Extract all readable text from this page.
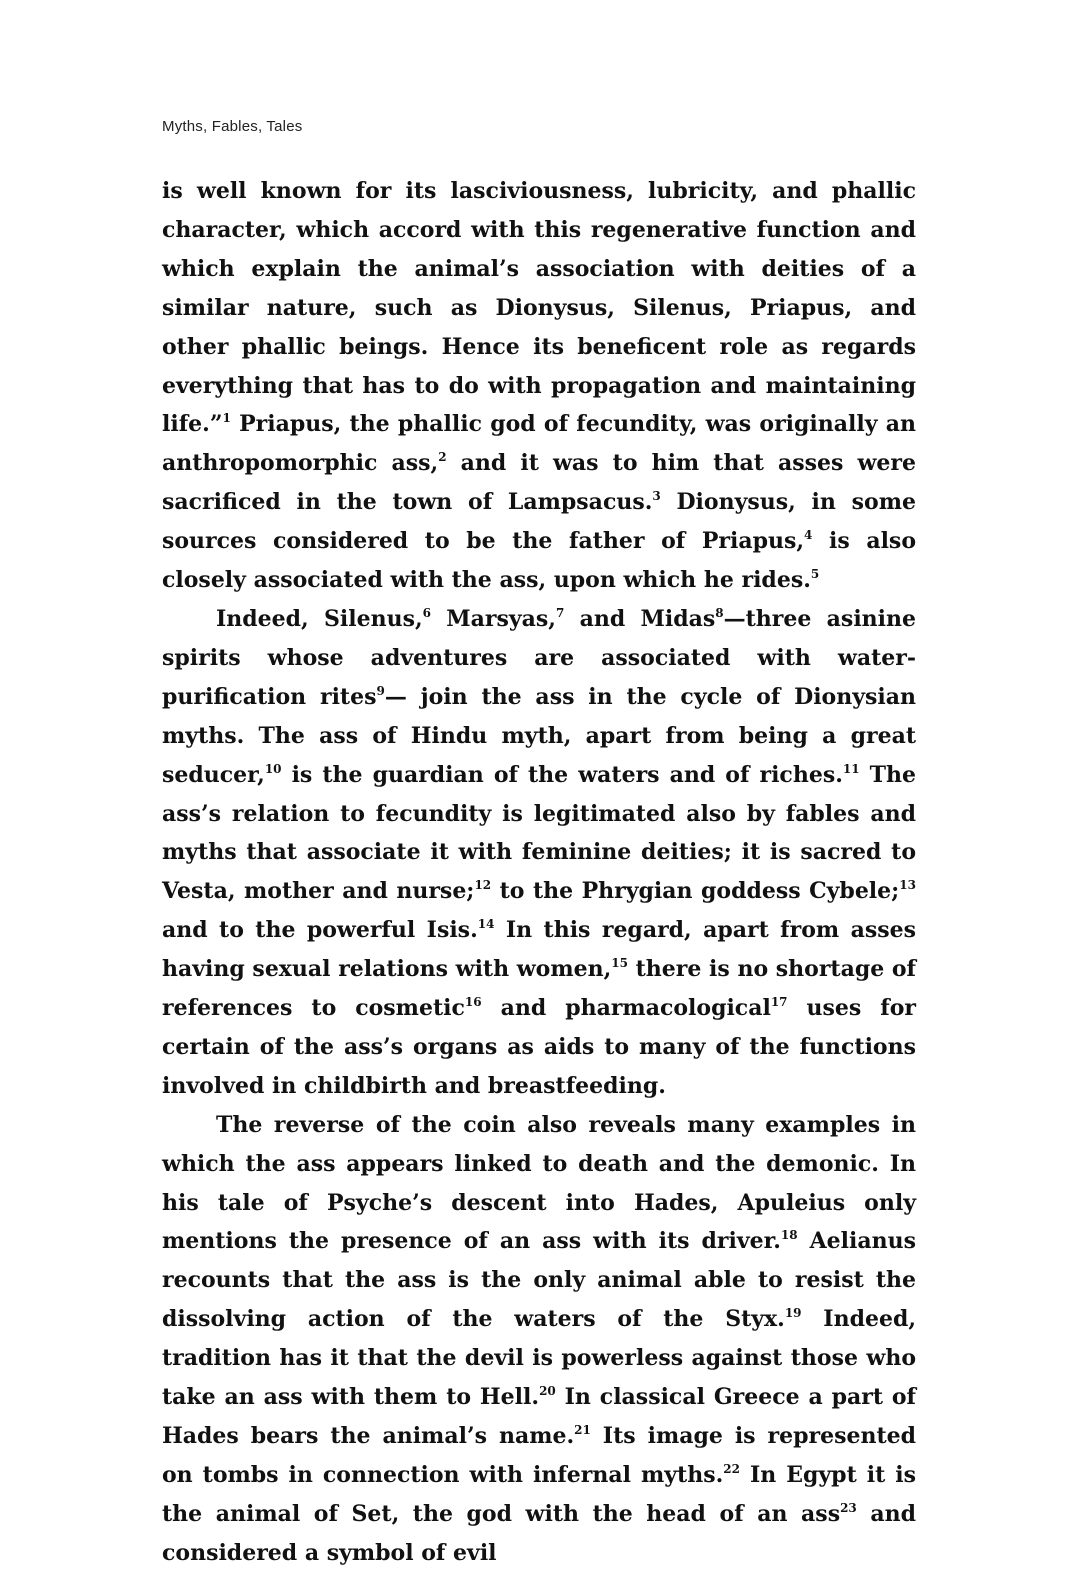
Myths, Fables, Tales

is well known for its lasciviousness, lubricity, and phallic character, which accord with this regenerative function and which explain the animal’s association with deities of a similar nature, such as Dionysus, Silenus, Priapus, and other phallic beings. Hence its beneficent role as regards everything that has to do with propagation and maintaining life.”$^1$ Priapus, the phallic god of fecundity, was originally an anthropomorphic ass,$^2$ and it was to him that asses were sacrificed in the town of Lampsacus.$^3$ Dionysus, in some sources considered to be the father of Priapus,$^4$ is also closely associated with the ass, upon which he rides.$^5$

Indeed, Silenus,$^6$ Marsyas,$^7$ and Midas$^8$—three asinine spirits whose adventures are associated with water-purification rites$^9$— join the ass in the cycle of Dionysian myths. The ass of Hindu myth, apart from being a great seducer,$^{10}$ is the guardian of the waters and of riches.$^{11}$ The ass’s relation to fecundity is legitimated also by fables and myths that associate it with feminine deities; it is sacred to Vesta, mother and nurse;$^{12}$ to the Phrygian goddess Cybele;$^{13}$ and to the powerful Isis.$^{14}$ In this regard, apart from asses having sexual relations with women,$^{15}$ there is no shortage of references to cosmetic$^{16}$ and pharmacological$^{17}$ uses for certain of the ass’s organs as aids to many of the functions involved in childbirth and breastfeeding.

The reverse of the coin also reveals many examples in which the ass appears linked to death and the demonic. In his tale of Psyche’s descent into Hades, Apuleius only mentions the presence of an ass with its driver.$^{18}$ Aelianus recounts that the ass is the only animal able to resist the dissolving action of the waters of the Styx.$^{19}$ Indeed, tradition has it that the devil is powerless against those who take an ass with them to Hell.$^{20}$ In classical Greece a part of Hades bears the animal’s name.$^{21}$ Its image is represented on tombs in connection with infernal myths.$^{22}$ In Egypt it is the animal of Set, the god with the head of an ass$^{23}$ and considered a symbol of evil
